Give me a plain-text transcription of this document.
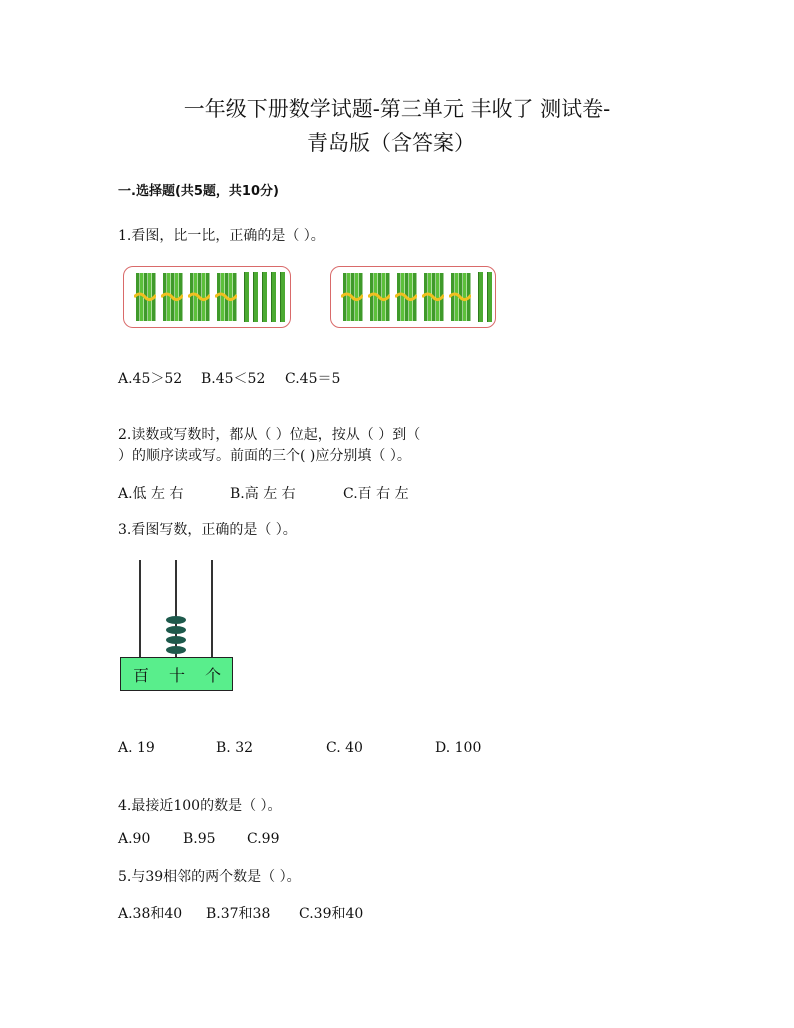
一年级下册数学试题-第三单元 丰收了 测试卷-
青岛版（含答案）
一.选择题(共5题，共10分)
1.看图，比一比，正确的是（ ）。
A.45＞52 B.45＜52 C.45＝5
2.读数或写数时，都从（ ）位起，按从（ ）到（
）的顺序读或写。前面的三个( )应分别填（ ）。
A.低 左 右	B.高 左 右	C.百 右 左
3.看图写数，正确的是（ ）。
百 十 个
A. 19	B. 32	C. 40	D. 100
4.最接近100的数是（ ）。
A.90 B.95 C.99
5.与39相邻的两个数是（ ）。
A.38和40 B.37和38 C.39和40
